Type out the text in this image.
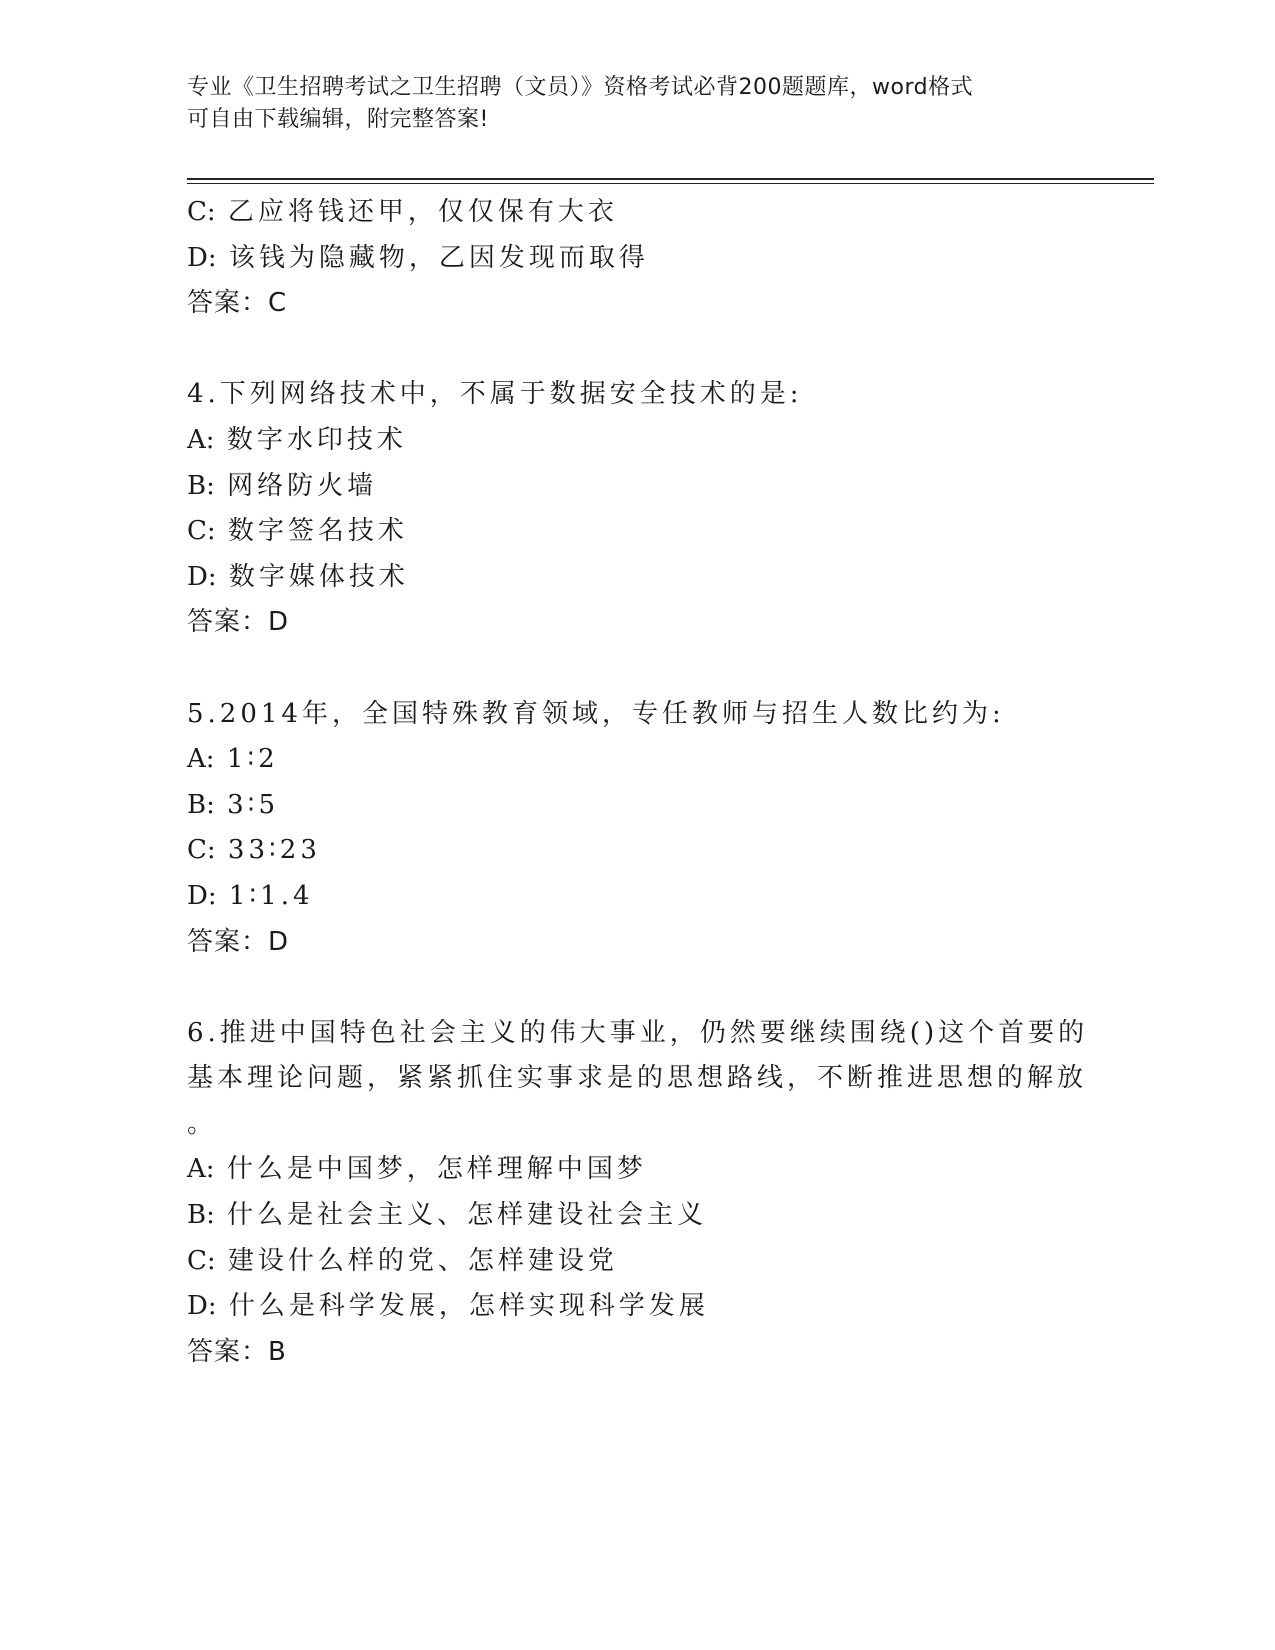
专业《卫生招聘考试之卫生招聘（文员）》资格考试必背200题题库，word格式
可自由下载编辑，附完整答案!
C: 乙应将钱还甲，仅仅保有大衣
D: 该钱为隐藏物，乙因发现而取得
答案：C
4.下列网络技术中，不属于数据安全技术的是:
A: 数字水印技术
B: 网络防火墙
C: 数字签名技术
D: 数字媒体技术
答案：D
5.2014年，全国特殊教育领域，专任教师与招生人数比约为:
A: 1∶2
B: 3∶5
C: 33∶23
D: 1∶1.4
答案：D
6.推进中国特色社会主义的伟大事业，仍然要继续围绕()这个首要的
基本理论问题，紧紧抓住实事求是的思想路线，不断推进思想的解放
。
A: 什么是中国梦，怎样理解中国梦
B: 什么是社会主义、怎样建设社会主义
C: 建设什么样的党、怎样建设党
D: 什么是科学发展，怎样实现科学发展
答案：B
